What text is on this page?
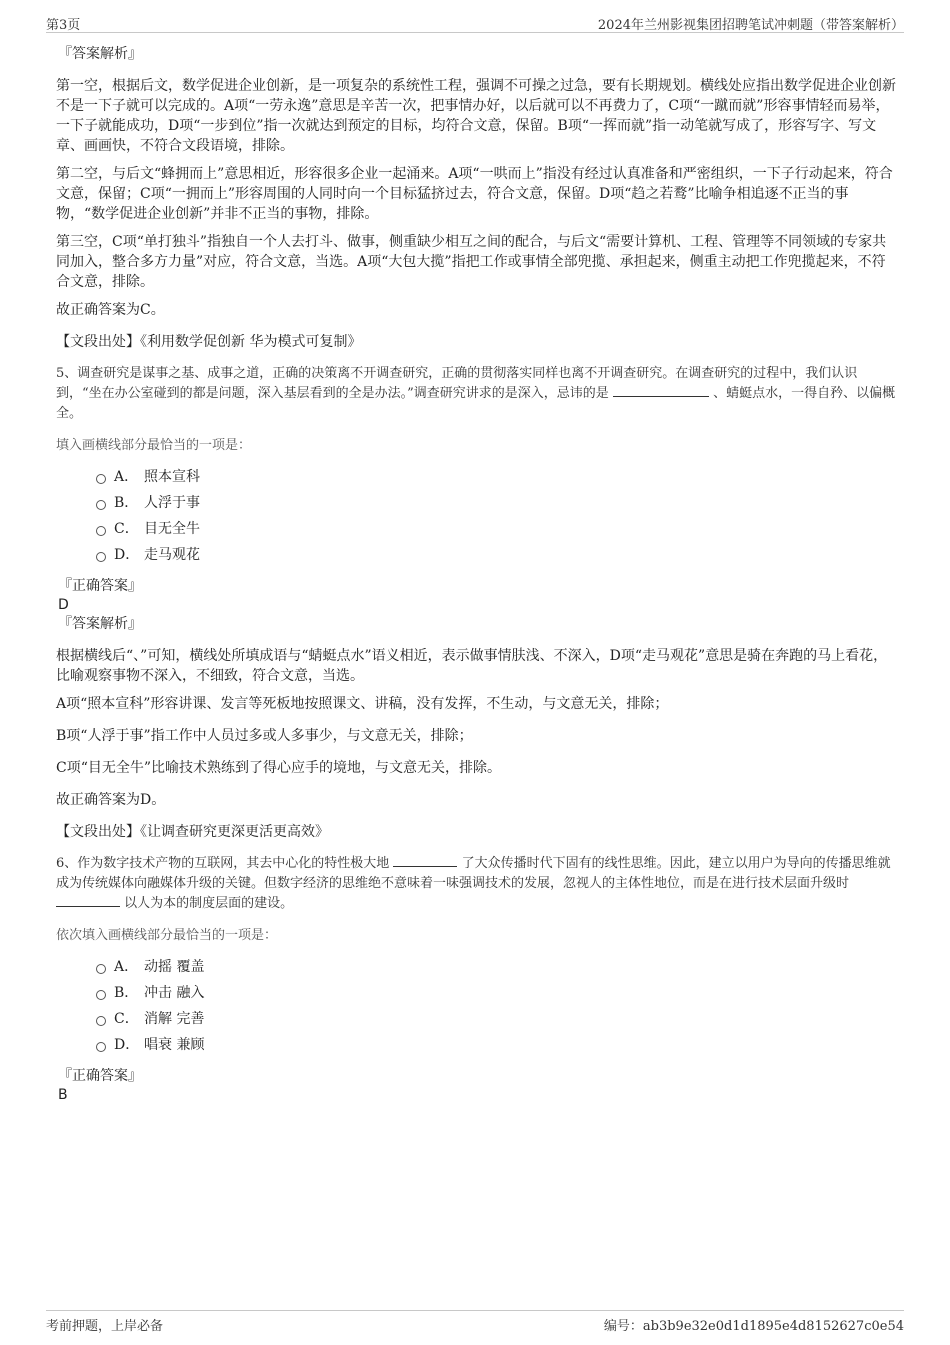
第3页	2024年兰州影视集团招聘笔试冲刺题（带答案解析）

『答案解析』

第一空，根据后文，数学促进企业创新，是一项复杂的系统性工程，强调不可操之过急，要有长期规划。横线处应指出数学促进企业创新不是一下子就可以完成的。A项“一劳永逸”意思是辛苦一次，把事情办好，以后就可以不再费力了，C项“一蹴而就”形容事情轻而易举，一下子就能成功，D项“一步到位”指一次就达到预定的目标，均符合文意，保留。B项“一挥而就”指一动笔就写成了，形容写字、写文章、画画快，不符合文段语境，排除。

第二空，与后文“蜂拥而上”意思相近，形容很多企业一起涌来。A项“一哄而上”指没有经过认真准备和严密组织，一下子行动起来，符合文意，保留；C项“一拥而上”形容周围的人同时向一个目标猛挤过去，符合文意，保留。D项“趋之若鹜”比喻争相追逐不正当的事物，“数学促进企业创新”并非不正当的事物，排除。

第三空，C项“单打独斗”指独自一个人去打斗、做事，侧重缺少相互之间的配合，与后文“需要计算机、工程、管理等不同领域的专家共同加入，整合多方力量”对应，符合文意，当选。A项“大包大揽”指把工作或事情全部兜揽、承担起来，侧重主动把工作兜揽起来，不符合文意，排除。

故正确答案为C。

【文段出处】《利用数学促创新 华为模式可复制》

5、调查研究是谋事之基、成事之道，正确的决策离不开调查研究，正确的贯彻落实同样也离不开调查研究。在调查研究的过程中，我们认识到，“坐在办公室碰到的都是问题，深入基层看到的全是办法。”调查研究讲求的是深入，忌讳的是	、蜻蜓点水，一得自矜、以偏概全。

填入画横线部分最恰当的一项是：

A． 照本宣科
B． 人浮于事
C． 目无全牛
D． 走马观花

『正确答案』

D

『答案解析』

根据横线后“、”可知，横线处所填成语与“蜻蜓点水”语义相近，表示做事情肤浅、不深入，D项“走马观花”意思是骑在奔跑的马上看花，比喻观察事物不深入，不细致，符合文意，当选。

A项“照本宣科”形容讲课、发言等死板地按照课文、讲稿，没有发挥，不生动，与文意无关，排除；

B项“人浮于事”指工作中人员过多或人多事少，与文意无关，排除；

C项“目无全牛”比喻技术熟练到了得心应手的境地，与文意无关，排除。

故正确答案为D。

【文段出处】《让调查研究更深更活更高效》

6、作为数字技术产物的互联网，其去中心化的特性极大地	了大众传播时代下固有的线性思维。因此，建立以用户为导向的传播思维就成为传统媒体向融媒体升级的关键。但数字经济的思维绝不意味着一味强调技术的发展，忽视人的主体性地位，而是在进行技术层面升级时  以人为本的制度层面的建设。

依次填入画横线部分最恰当的一项是：

A． 动摇 覆盖
B． 冲击 融入
C． 消解 完善
D． 唱衰 兼顾

『正确答案』

B

考前押题，上岸必备	编号：ab3b9e32e0d1d1895e4d8152627c0e54
